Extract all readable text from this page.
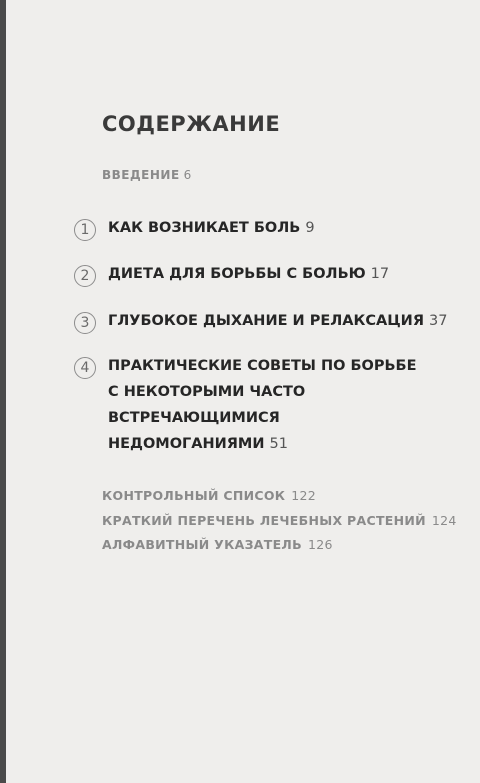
СОДЕРЖАНИЕ
ВВЕДЕНИЕ 6
1	КАК ВОЗНИКАЕТ БОЛЬ 9
2	ДИЕТА ДЛЯ БОРЬБЫ С БОЛЬЮ 17
3	ГЛУБОКОЕ ДЫХАНИЕ И РЕЛАКСАЦИЯ 37
4	ПРАКТИЧЕСКИЕ СОВЕТЫ ПО БОРЬБЕ
С НЕКОТОРЫМИ ЧАСТО
ВСТРЕЧАЮЩИМИСЯ
НЕДОМОГАНИЯМИ 51
КОНТРОЛЬНЫЙ СПИСОК 122
КРАТКИЙ ПЕРЕЧЕНЬ ЛЕЧЕБНЫХ РАСТЕНИЙ 124
АЛФАВИТНЫЙ УКАЗАТЕЛЬ 126
